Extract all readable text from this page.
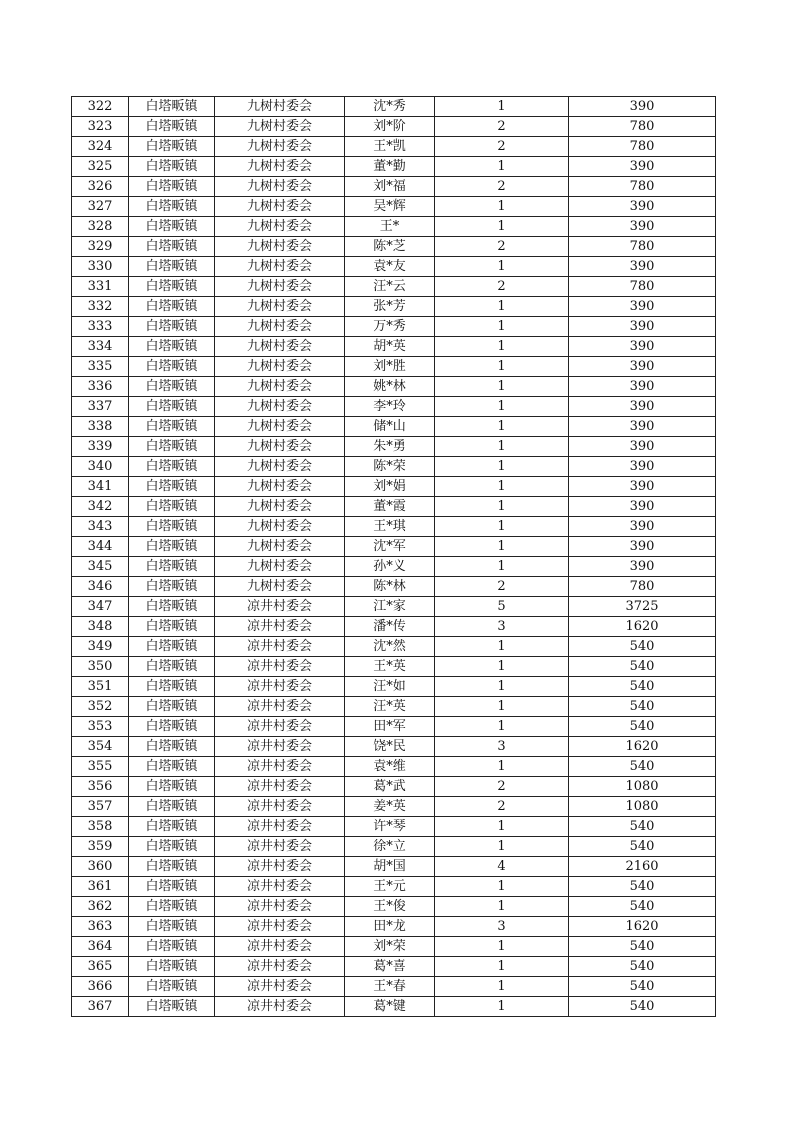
322	白塔畈镇	九树村委会	沈*秀	1	390
323	白塔畈镇	九树村委会	刘*阶	2	780
324	白塔畈镇	九树村委会	王*凯	2	780
325	白塔畈镇	九树村委会	董*勤	1	390
326	白塔畈镇	九树村委会	刘*福	2	780
327	白塔畈镇	九树村委会	吴*辉	1	390
328	白塔畈镇	九树村委会	王*	1	390
329	白塔畈镇	九树村委会	陈*芝	2	780
330	白塔畈镇	九树村委会	袁*友	1	390
331	白塔畈镇	九树村委会	汪*云	2	780
332	白塔畈镇	九树村委会	张*芳	1	390
333	白塔畈镇	九树村委会	万*秀	1	390
334	白塔畈镇	九树村委会	胡*英	1	390
335	白塔畈镇	九树村委会	刘*胜	1	390
336	白塔畈镇	九树村委会	姚*林	1	390
337	白塔畈镇	九树村委会	李*玲	1	390
338	白塔畈镇	九树村委会	储*山	1	390
339	白塔畈镇	九树村委会	朱*勇	1	390
340	白塔畈镇	九树村委会	陈*荣	1	390
341	白塔畈镇	九树村委会	刘*娟	1	390
342	白塔畈镇	九树村委会	董*霞	1	390
343	白塔畈镇	九树村委会	王*琪	1	390
344	白塔畈镇	九树村委会	沈*军	1	390
345	白塔畈镇	九树村委会	孙*义	1	390
346	白塔畈镇	九树村委会	陈*林	2	780
347	白塔畈镇	凉井村委会	江*家	5	3725
348	白塔畈镇	凉井村委会	潘*传	3	1620
349	白塔畈镇	凉井村委会	沈*然	1	540
350	白塔畈镇	凉井村委会	王*英	1	540
351	白塔畈镇	凉井村委会	汪*如	1	540
352	白塔畈镇	凉井村委会	汪*英	1	540
353	白塔畈镇	凉井村委会	田*军	1	540
354	白塔畈镇	凉井村委会	饶*民	3	1620
355	白塔畈镇	凉井村委会	袁*维	1	540
356	白塔畈镇	凉井村委会	葛*武	2	1080
357	白塔畈镇	凉井村委会	姜*英	2	1080
358	白塔畈镇	凉井村委会	许*琴	1	540
359	白塔畈镇	凉井村委会	徐*立	1	540
360	白塔畈镇	凉井村委会	胡*国	4	2160
361	白塔畈镇	凉井村委会	王*元	1	540
362	白塔畈镇	凉井村委会	王*俊	1	540
363	白塔畈镇	凉井村委会	田*龙	3	1620
364	白塔畈镇	凉井村委会	刘*荣	1	540
365	白塔畈镇	凉井村委会	葛*喜	1	540
366	白塔畈镇	凉井村委会	王*春	1	540
367	白塔畈镇	凉井村委会	葛*键	1	540
